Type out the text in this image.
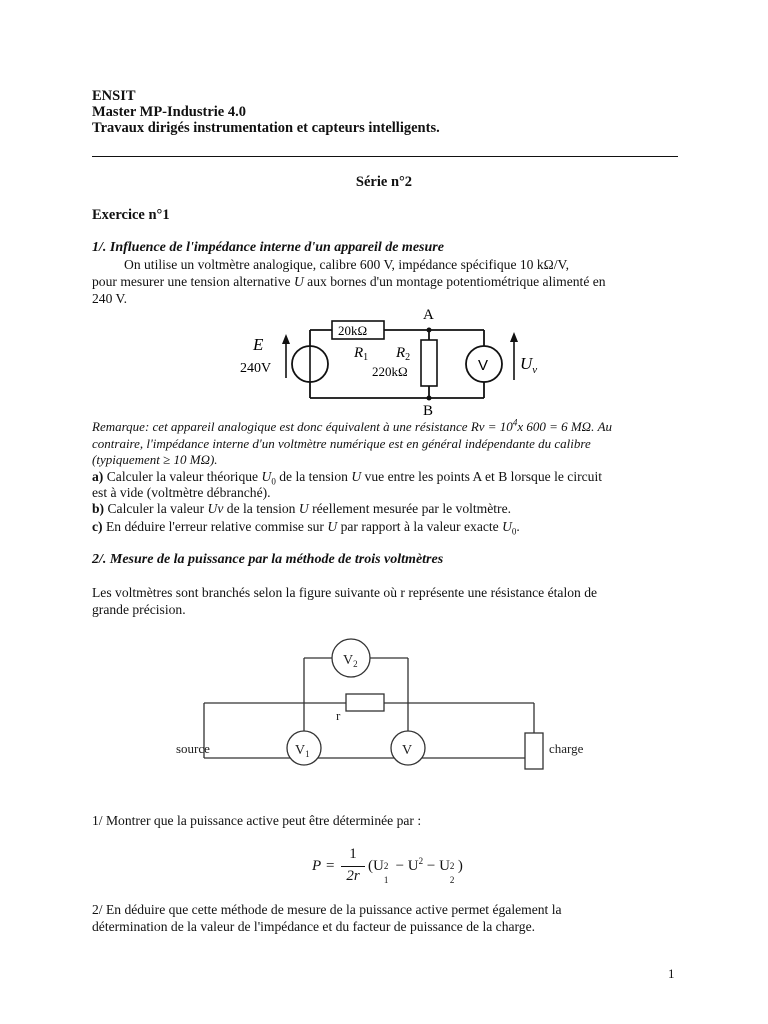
ENSIT
Master MP-Industrie 4.0
Travaux dirigés instrumentation et capteurs intelligents.
Série n°2
Exercice n°1
1/. Influence de l'impédance interne d'un appareil de mesure
On utilise un voltmètre analogique, calibre 600 V, impédance spécifique 10 kΩ/V,
pour mesurer une tension alternative U aux bornes d'un montage potentiométrique alimenté en
240 V.
20kΩ
A
B
E
240V
$R_1$ $R_2$
220kΩ	V $U_v$
Remarque: cet appareil analogique est donc équivalent à une résistance $Rv = 10^4x$ 600 = 6 MΩ. Au
contraire, l'impédance interne d'un voltmètre numérique est en général indépendante du calibre
(typiquement ≥ 10 MΩ).
a) Calculer la valeur théorique $U_0$ de la tension U vue entre les points A et B lorsque le circuit
est à vide (voltmètre débranché).
b) Calculer la valeur Uv de la tension U réellement mesurée par le voltmètre.
c) En déduire l'erreur relative commise sur U par rapport à la valeur exacte $U_0$.
2/. Mesure de la puissance par la méthode de trois voltmètres
Les voltmètres sont branchés selon la figure suivante où r représente une résistance étalon de
grande précision.
$V_2$
r
source	$V_1$	V	charge
1/ Montrer que la puissance active peut être déterminée par :
P =
1
2r
(U 2
1
− $U^2 - U$ 2
2
)
2/ En déduire que cette méthode de mesure de la puissance active permet également la
détermination de la valeur de l'impédance et du facteur de puissance de la charge.
1
